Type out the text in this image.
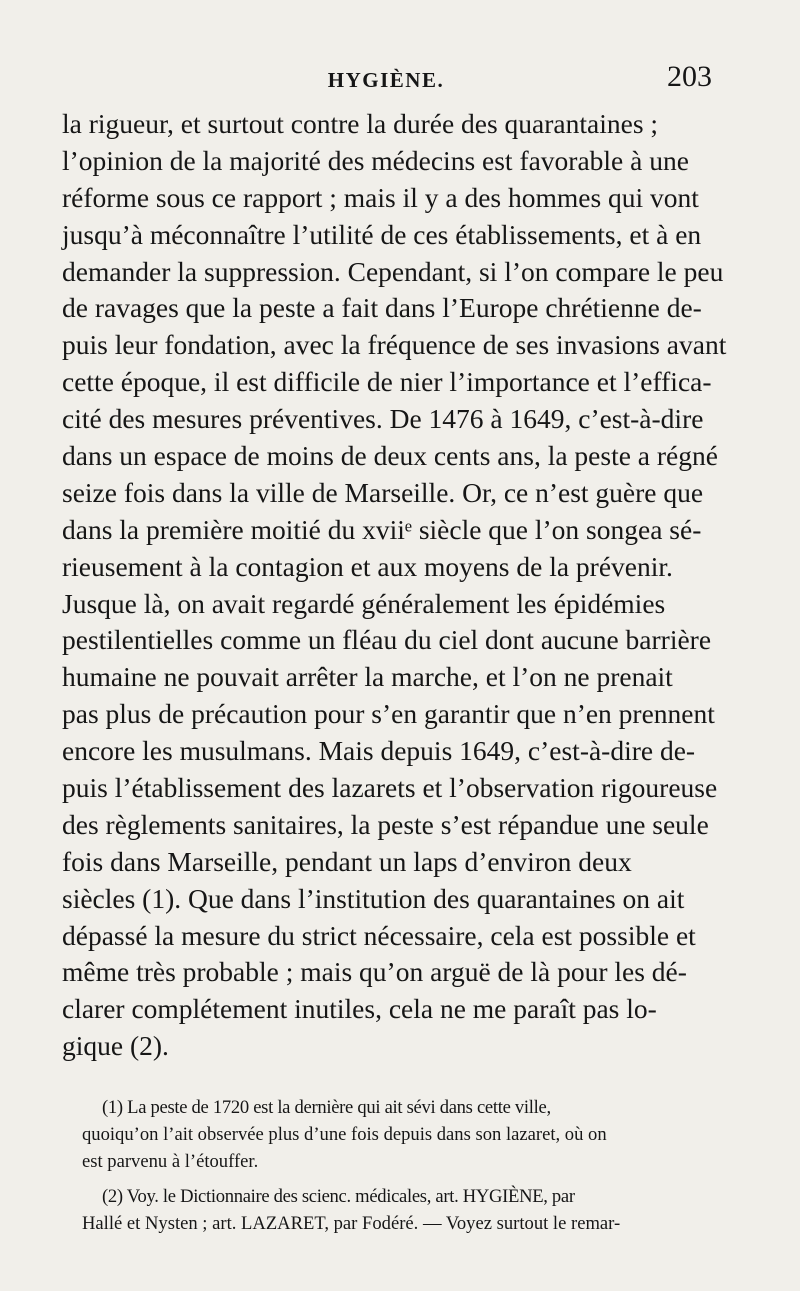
HYGIÈNE.	203
la rigueur, et surtout contre la durée des quarantaines ;
l’opinion de la majorité des médecins est favorable à une
réforme sous ce rapport ; mais il y a des hommes qui vont
jusqu’à méconnaître l’utilité de ces établissements, et à en
demander la suppression. Cependant, si l’on compare le peu
de ravages que la peste a fait dans l’Europe chrétienne de-
puis leur fondation, avec la fréquence de ses invasions avant
cette époque, il est difficile de nier l’importance et l’effica-
cité des mesures préventives. De 1476 à 1649, c’est-à-dire
dans un espace de moins de deux cents ans, la peste a régné
seize fois dans la ville de Marseille. Or, ce n’est guère que
dans la première moitié du xviiᵉ siècle que l’on songea sé-
rieusement à la contagion et aux moyens de la prévenir.
Jusque là, on avait regardé généralement les épidémies
pestilentielles comme un fléau du ciel dont aucune barrière
humaine ne pouvait arrêter la marche, et l’on ne prenait
pas plus de précaution pour s’en garantir que n’en prennent
encore les musulmans. Mais depuis 1649, c’est-à-dire de-
puis l’établissement des lazarets et l’observation rigoureuse
des règlements sanitaires, la peste s’est répandue une seule
fois dans Marseille, pendant un laps d’environ deux
siècles (1). Que dans l’institution des quarantaines on ait
dépassé la mesure du strict nécessaire, cela est possible et
même très probable ; mais qu’on arguë de là pour les dé-
clarer complétement inutiles, cela ne me paraît pas lo-
gique (2).
(1) La peste de 1720 est la dernière qui ait sévi dans cette ville,
quoiqu’on l’ait observée plus d’une fois depuis dans son lazaret, où on
est parvenu à l’étouffer.
(2) Voy. le Dictionnaire des scienc. médicales, art. HYGIÈNE, par
Hallé et Nysten ; art. LAZARET, par Fodéré. — Voyez surtout le remar-
